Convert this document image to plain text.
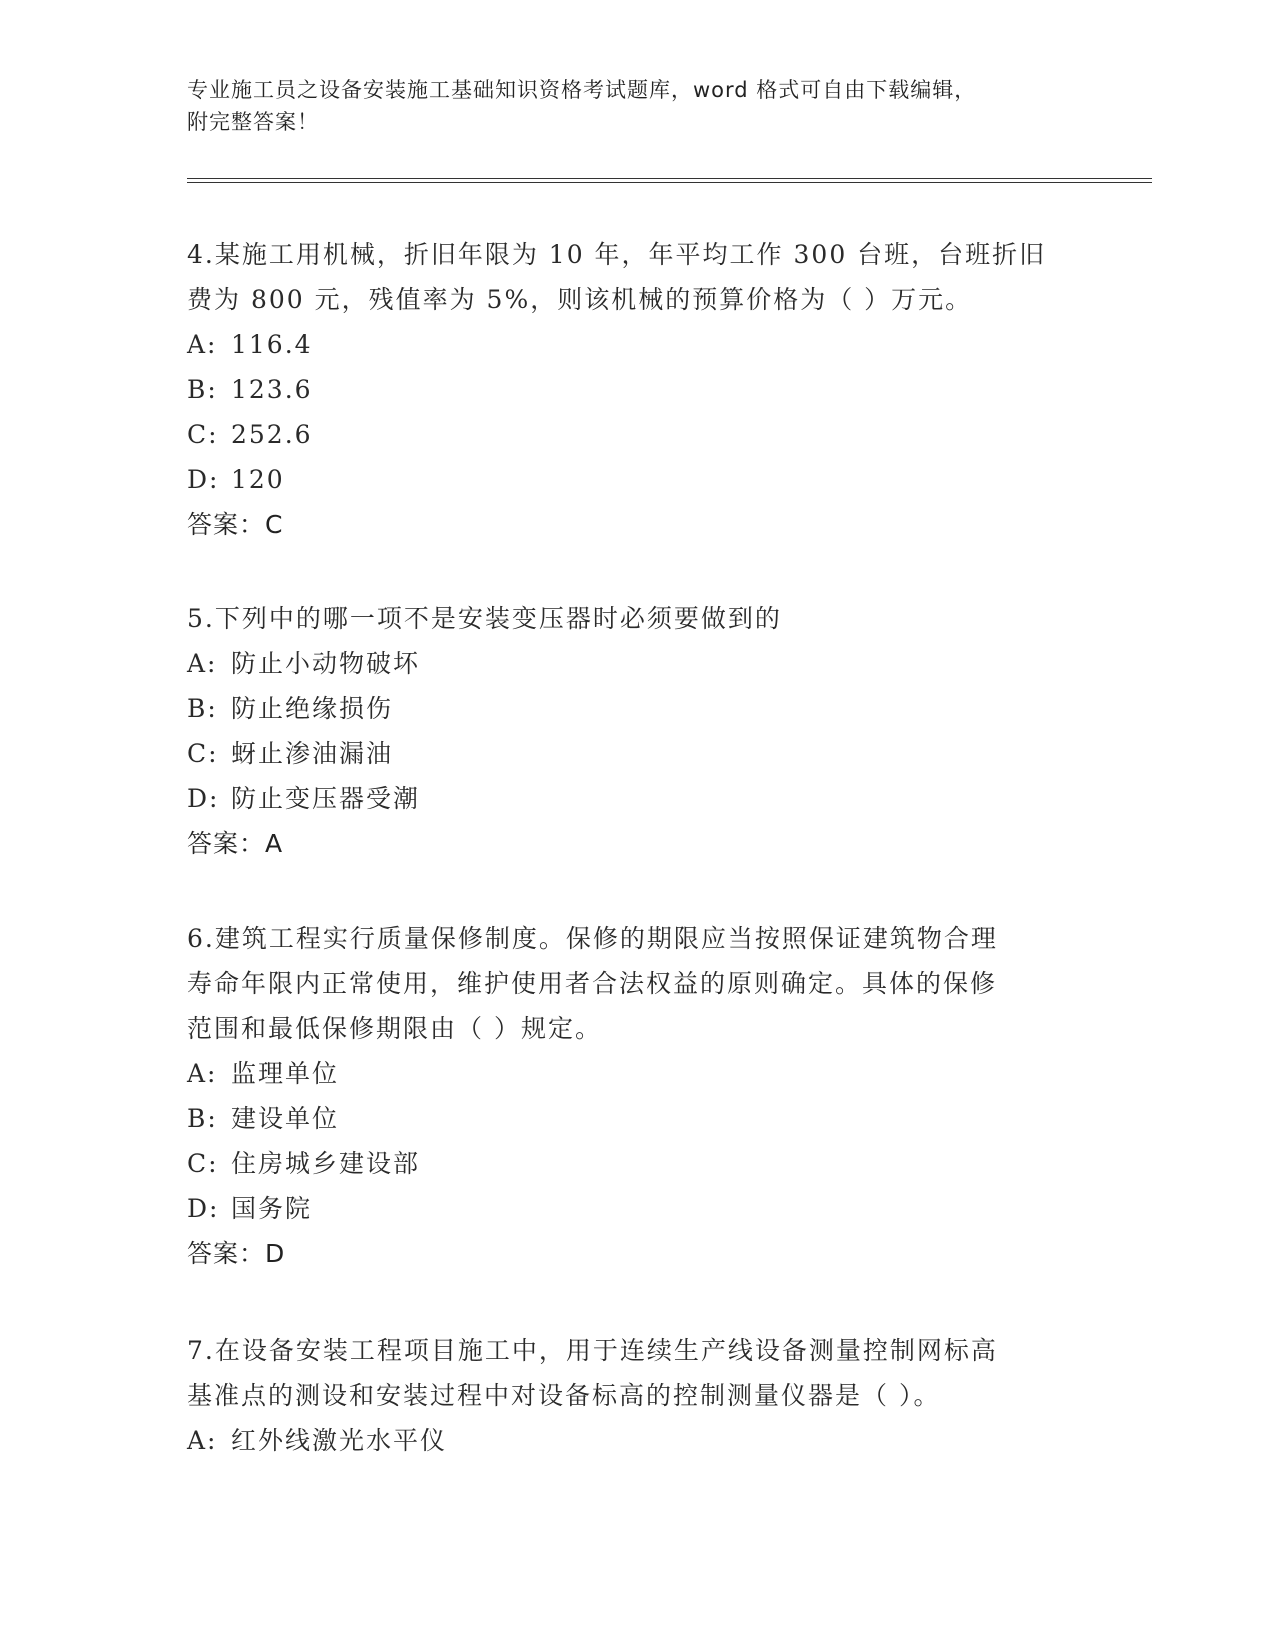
专业施工员之设备安装施工基础知识资格考试题库，word 格式可自由下载编辑，
附完整答案！

4.某施工用机械，折旧年限为 10 年，年平均工作 300 台班，台班折旧

费为 800 元，残值率为 5%，则该机械的预算价格为（ ）万元。

A: 116.4

B: 123.6

C: 252.6

D: 120

答案：C

5.下列中的哪一项不是安装变压器时必须要做到的

A: 防止小动物破坏

B: 防止绝缘损伤

C: 蚜止渗油漏油

D: 防止变压器受潮

答案：A

6.建筑工程实行质量保修制度。保修的期限应当按照保证建筑物合理

寿命年限内正常使用，维护使用者合法权益的原则确定。具体的保修

范围和最低保修期限由（ ）规定。

A: 监理单位

B: 建设单位

C: 住房城乡建设部

D: 国务院

答案：D

7.在设备安装工程项目施工中，用于连续生产线设备测量控制网标高

基准点的测设和安装过程中对设备标高的控制测量仪器是（ ）。

A: 红外线激光水平仪
